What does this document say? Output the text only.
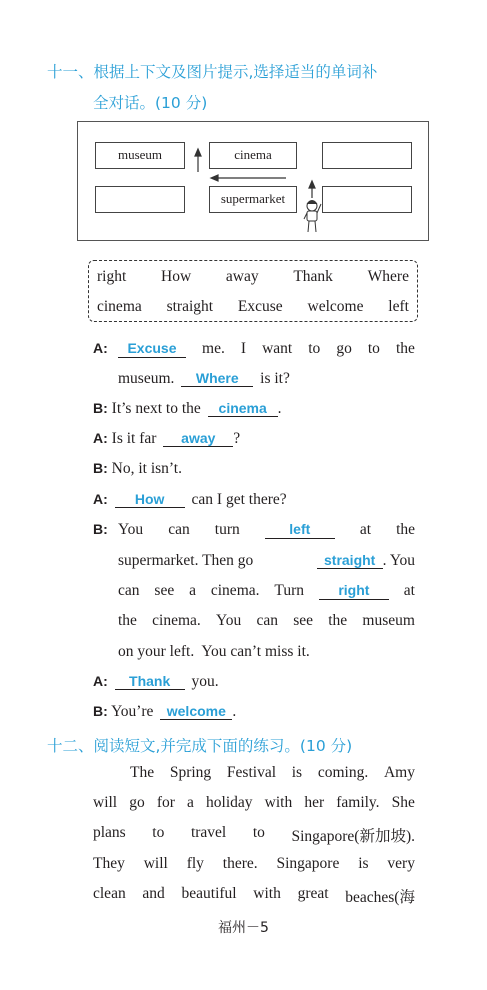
十一、根据上下文及图片提示,选择适当的单词补
全对话。(10 分)
museum	cinema
supermarket
right How away Thank Where
cinema straight Excuse welcome left
A:	Excuse	me. I want to go to the
museum. Where is it?
B: It’s next to the cinema .
A: Is it far away ?
B: No, it isn’t.
A: How can I get there?
B: You can turn	left	at the
supermarket. Then go	straight . You
can see a cinema. Turn	right	at
the cinema. You can see the museum
on your left.  You can’t miss it.
A: Thank you.
B: You’re welcome .
十二、阅读短文,并完成下面的练习。(10 分)
The Spring Festival is coming. Amy
will go for a holiday with her family. She
plans to travel to Singapore(新加坡).
They will fly there. Singapore is very
clean and beautiful with great beaches(海
福州－5
